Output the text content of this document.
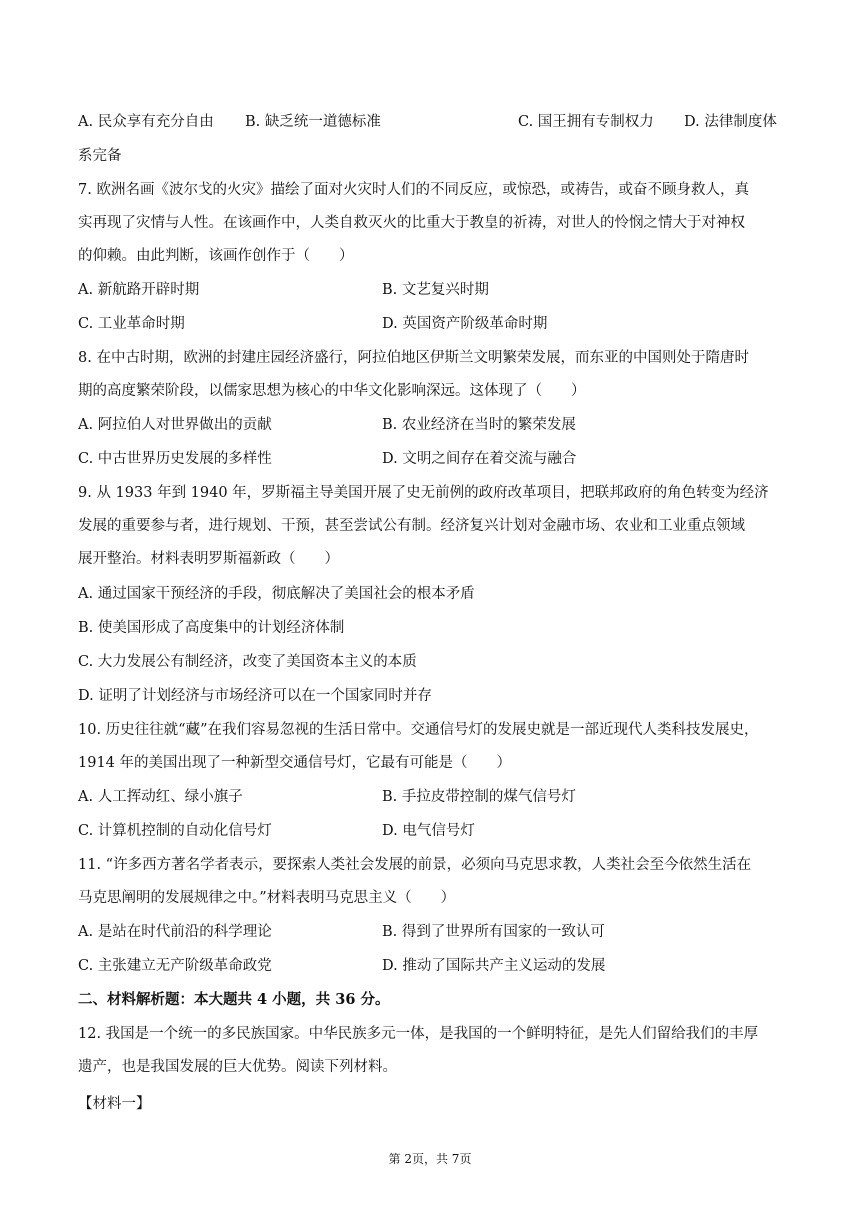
A. 民众享有充分自由 B. 缺乏统一道德标准	C. 国王拥有专制权力 D. 法律制度体
系完备
7. 欧洲名画《波尔戈的火灾》描绘了面对火灾时人们的不同反应，或惊恐，或祷告，或奋不顾身救人，真
实再现了灾情与人性。在该画作中，人类自救灭火的比重大于教皇的祈祷，对世人的怜悯之情大于对神权
的仰赖。由此判断，该画作创作于（　　）
A. 新航路开辟时期	B. 文艺复兴时期
C. 工业革命时期	D. 英国资产阶级革命时期
8. 在中古时期，欧洲的封建庄园经济盛行，阿拉伯地区伊斯兰文明繁荣发展，而东亚的中国则处于隋唐时
期的高度繁荣阶段，以儒家思想为核心的中华文化影响深远。这体现了（　　）
A. 阿拉伯人对世界做出的贡献	B. 农业经济在当时的繁荣发展
C. 中古世界历史发展的多样性	D. 文明之间存在着交流与融合
9. 从 1933 年到 1940 年，罗斯福主导美国开展了史无前例的政府改革项目，把联邦政府的角色转变为经济
发展的重要参与者，进行规划、干预，甚至尝试公有制。经济复兴计划对金融市场、农业和工业重点领域
展开整治。材料表明罗斯福新政（　　）
A. 通过国家干预经济的手段，彻底解决了美国社会的根本矛盾
B. 使美国形成了高度集中的计划经济体制
C. 大力发展公有制经济，改变了美国资本主义的本质
D. 证明了计划经济与市场经济可以在一个国家同时并存
10. 历史往往就“藏”在我们容易忽视的生活日常中。交通信号灯的发展史就是一部近现代人类科技发展史，
1914 年的美国出现了一种新型交通信号灯，它最有可能是（　　）
A. 人工挥动红、绿小旗子	B. 手拉皮带控制的煤气信号灯
C. 计算机控制的自动化信号灯	D. 电气信号灯
11. “许多西方著名学者表示，要探索人类社会发展的前景，必须向马克思求教，人类社会至今依然生活在
马克思阐明的发展规律之中。”材料表明马克思主义（　　）
A. 是站在时代前沿的科学理论	B. 得到了世界所有国家的一致认可
C. 主张建立无产阶级革命政党	D. 推动了国际共产主义运动的发展
二、材料解析题：本大题共 4 小题，共 36 分。
12. 我国是一个统一的多民族国家。中华民族多元一体，是我国的一个鲜明特征，是先人们留给我们的丰厚
遗产，也是我国发展的巨大优势。阅读下列材料。
【材料一】
第 2页，共 7页
